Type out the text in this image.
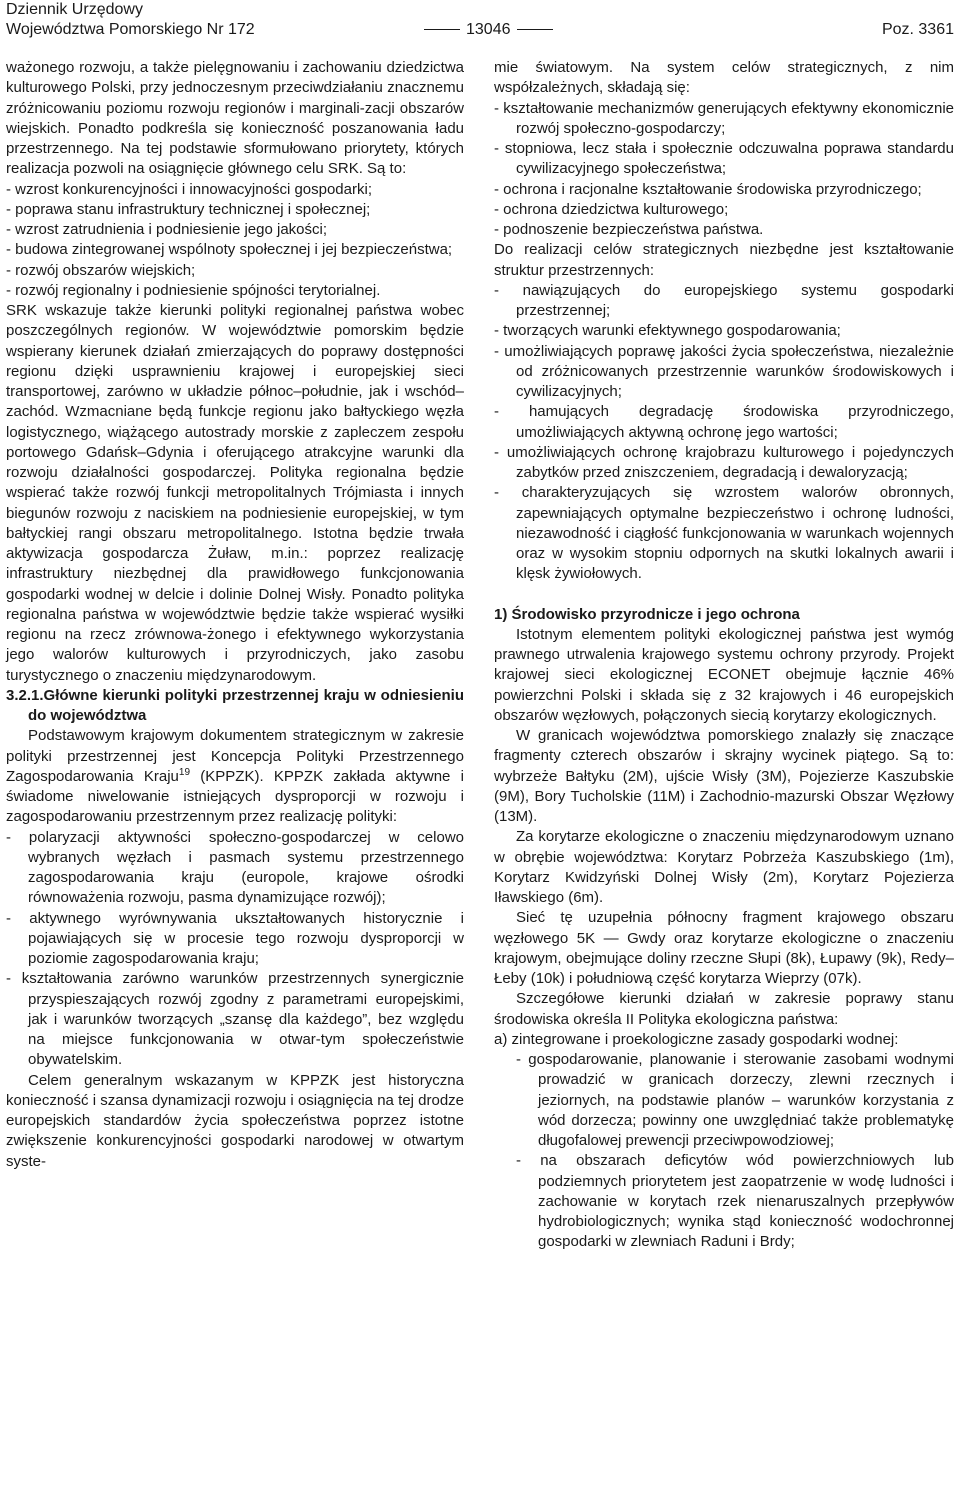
Dziennik Urzędowy
Województwa Pomorskiego Nr 172	13046	Poz. 3361

ważonego rozwoju, a także pielęgnowaniu i zachowaniu dziedzictwa kulturowego Polski, przy jednoczesnym przeciwdziałaniu znacznemu zróżnicowaniu poziomu rozwoju regionów i marginali-zacji obszarów wiejskich. Ponadto podkreśla się konieczność poszanowania ładu przestrzennego. Na tej podstawie sformułowano priorytety, których realizacja pozwoli na osiągnięcie głównego celu SRK. Są to:

- wzrost konkurencyjności i innowacyjności gospodarki;

- poprawa stanu infrastruktury technicznej i społecznej;

- wzrost zatrudnienia i podniesienie jego jakości;

- budowa zintegrowanej wspólnoty społecznej i jej bezpieczeństwa;

- rozwój obszarów wiejskich;

- rozwój regionalny i podniesienie spójności terytorialnej.

SRK wskazuje także kierunki polityki regionalnej państwa wobec poszczególnych regionów. W województwie pomorskim będzie wspierany kierunek działań zmierzających do poprawy dostępności regionu dzięki usprawnieniu krajowej i europejskiej sieci transportowej, zarówno w układzie północ–południe, jak i wschód–zachód. Wzmacniane będą funkcje regionu jako bałtyckiego węzła logistycznego, wiążącego autostrady morskie z zapleczem zespołu portowego Gdańsk–Gdynia i oferującego atrakcyjne warunki dla rozwoju działalności gospodarczej. Polityka regionalna będzie wspierać także rozwój funkcji metropolitalnych Trójmiasta i innych biegunów rozwoju z naciskiem na podniesienie europejskiej, w tym bałtyckiej rangi obszaru metropolitalnego. Istotna będzie trwała aktywizacja gospodarcza Żuław, m.in.: poprzez realizację infrastruktury niezbędnej dla prawidłowego funkcjonowania gospodarki wodnej w delcie i dolinie Dolnej Wisły. Ponadto polityka regionalna państwa w województwie będzie także wspierać wysiłki regionu na rzecz zrównowa-żonego i efektywnego wykorzystania jego walorów kulturowych i przyrodniczych, jako zasobu turystycznego o znaczeniu międzynarodowym.

3.2.1.Główne kierunki polityki przestrzennej kraju w odniesieniu do województwa

Podstawowym krajowym dokumentem strategicznym w zakresie polityki przestrzennej jest Koncepcja Polityki Przestrzennego Zagospodarowania Kraju$^{19}$ (KPPZK). KPPZK zakłada aktywne i świadome niwelowanie istniejących dysproporcji w rozwoju i zagospodarowaniu przestrzennym przez realizację polityki:

- polaryzacji aktywności społeczno-gospodarczej w celowo wybranych węzłach i pasmach systemu przestrzennego zagospodarowania kraju (europole, krajowe ośrodki równoważenia rozwoju, pasma dynamizujące rozwój);

- aktywnego wyrównywania ukształtowanych historycznie i pojawiających się w procesie tego rozwoju dysproporcji w poziomie zagospodarowania kraju;

- kształtowania zarówno warunków przestrzennych synergicznie przyspieszających rozwój zgodny z parametrami europejskimi, jak i warunków tworzących „szansę dla każdego”, bez względu na miejsce funkcjonowania w otwar-tym społeczeństwie obywatelskim.

Celem generalnym wskazanym w KPPZK jest historyczna konieczność i szansa dynamizacji rozwoju i osiągnięcia na tej drodze europejskich standardów życia społeczeństwa poprzez istotne zwiększenie konkurencyjności gospodarki narodowej w otwartym syste-

mie światowym. Na system celów strategicznych, z nim współzależnych, składają się:

- kształtowanie mechanizmów generujących efektywny ekonomicznie rozwój społeczno-gospodarczy;

- stopniowa, lecz stała i społecznie odczuwalna poprawa standardu cywilizacyjnego społeczeństwa;

- ochrona i racjonalne kształtowanie środowiska przyrodniczego;

- ochrona dziedzictwa kulturowego;

- podnoszenie bezpieczeństwa państwa.

Do realizacji celów strategicznych niezbędne jest kształtowanie struktur przestrzennych:

- nawiązujących do europejskiego systemu gospodarki przestrzennej;

- tworzących warunki efektywnego gospodarowania;

- umożliwiających poprawę jakości życia społeczeństwa, niezależnie od zróżnicowanych przestrzennie warunków środowiskowych i cywilizacyjnych;

- hamujących degradację środowiska przyrodniczego, umożliwiających aktywną ochronę jego wartości;

- umożliwiających ochronę krajobrazu kulturowego i pojedynczych zabytków przed zniszczeniem, degradacją i dewaloryzacją;

- charakteryzujących się wzrostem walorów obronnych, zapewniających optymalne bezpieczeństwo i ochronę ludności, niezawodność i ciągłość funkcjonowania w warunkach wojennych oraz w wysokim stopniu odpornych na skutki lokalnych awarii i klęsk żywiołowych.

1) Środowisko przyrodnicze i jego ochrona

Istotnym elementem polityki ekologicznej państwa jest wymóg prawnego utrwalenia krajowego systemu ochrony przyrody. Projekt krajowej sieci ekologicznej ECONET obejmuje łącznie 46% powierzchni Polski i składa się z 32 krajowych i 46 europejskich obszarów węzłowych, połączonych siecią korytarzy ekologicznych.

W granicach województwa pomorskiego znalazły się znaczące fragmenty czterech obszarów i skrajny wycinek piątego. Są to: wybrzeże Bałtyku (2M), ujście Wisły (3M), Pojezierze Kaszubskie (9M), Bory Tucholskie (11M) i Zachodnio-mazurski Obszar Węzłowy (13M).

Za korytarze ekologiczne o znaczeniu międzynarodowym uznano w obrębie województwa: Korytarz Pobrzeża Kaszubskiego (1m), Korytarz Kwidzyński Dolnej Wisły (2m), Korytarz Pojezierza Iławskiego (6m).

Sieć tę uzupełnia północny fragment krajowego obszaru węzłowego 5K — Gwdy oraz korytarze ekologiczne o znaczeniu krajowym, obejmujące doliny rzeczne Słupi (8k), Łupawy (9k), Redy–Łeby (10k) i południową część korytarza Wieprzy (07k).

Szczegółowe kierunki działań w zakresie poprawy stanu środowiska określa II Polityka ekologiczna państwa:

a) zintegrowane i proekologiczne zasady gospodarki wodnej:

- gospodarowanie, planowanie i sterowanie zasobami wodnymi prowadzić w granicach dorzeczy, zlewni rzecznych i jeziornych, na podstawie planów – warunków korzystania z wód dorzecza; powinny one uwzględniać także problematykę długofalowej prewencji przeciwpowodziowej;

- na obszarach deficytów wód powierzchniowych lub podziemnych priorytetem jest zaopatrzenie w wodę ludności i zachowanie w korytach rzek nienaruszalnych przepływów hydrobiologicznych; wynika stąd konieczność wodochronnej gospodarki w zlewniach Raduni i Brdy;
